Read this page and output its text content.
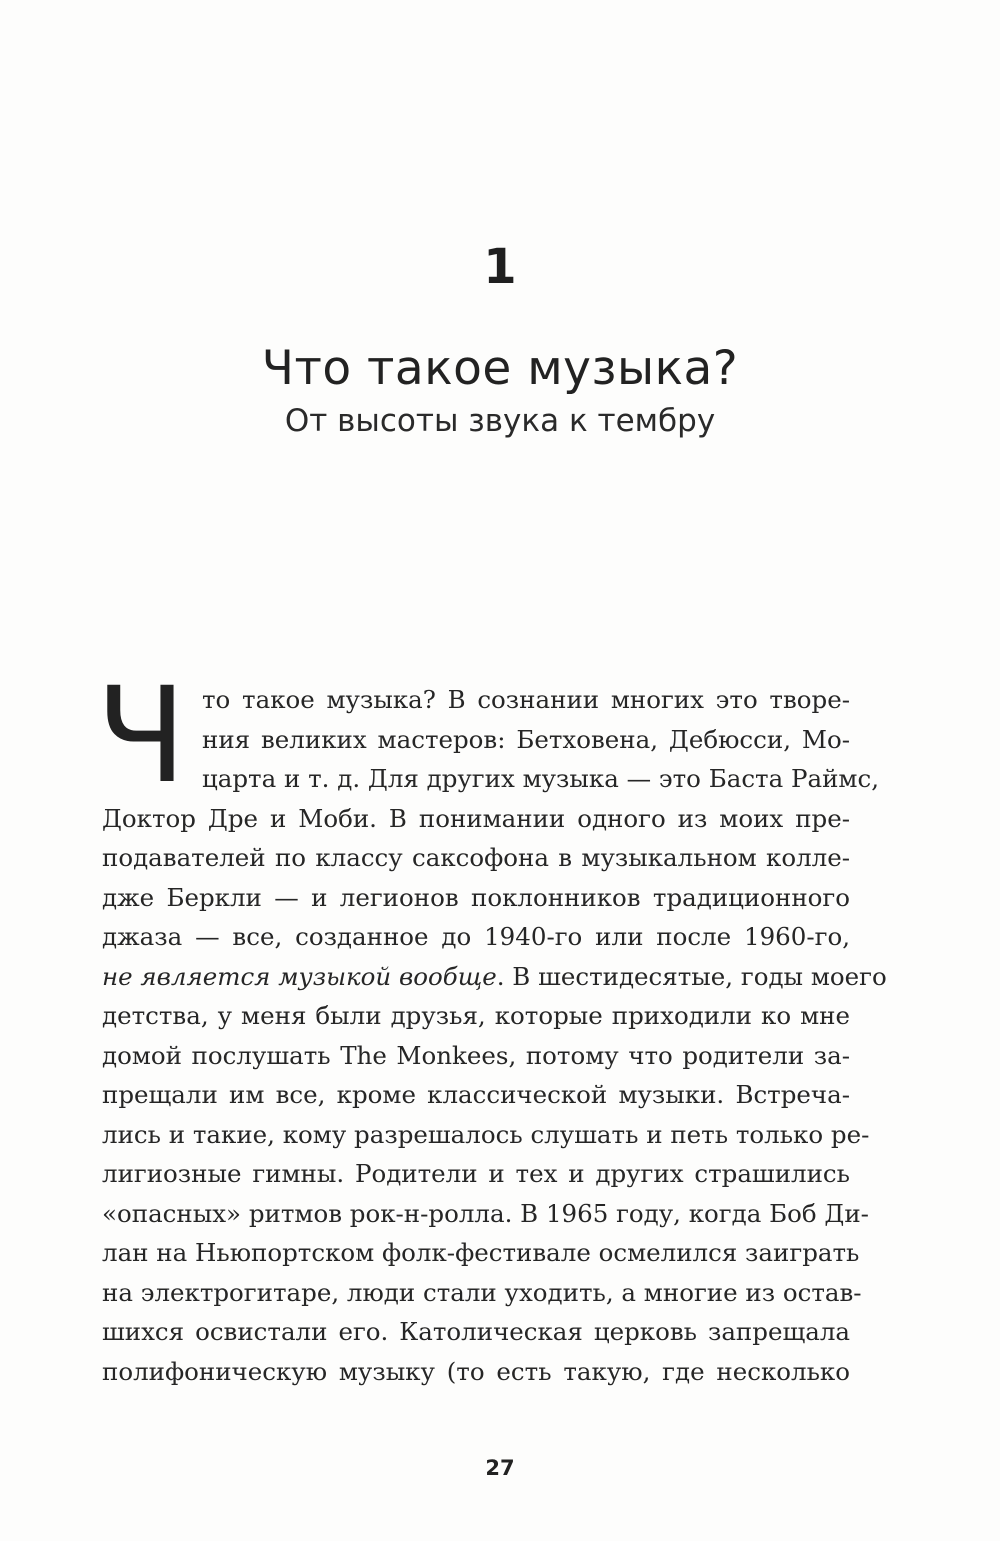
1
Что такое музыка?
От высоты звука к тембру
Ч то такое музыка? В сознании многих это творе-
ния великих мастеров: Бетховена, Дебюсси, Мо-
царта и т. д. Для других музыка — это Баста Раймс,
Доктор Дре и Моби. В понимании одного из моих пре-
подавателей по классу саксофона в музыкальном колле-
дже Беркли — и легионов поклонников традиционного
джаза — все, созданное до 1940-го или после 1960-го,
не является музыкой вообще. В шестидесятые, годы моего
детства, у меня были друзья, которые приходили ко мне
домой послушать The Monkees, потому что родители за-
прещали им все, кроме классической музыки. Встреча-
лись и такие, кому разрешалось слушать и петь только ре-
лигиозные гимны. Родители и тех и других страшились
«опасных» ритмов рок-н-ролла. В 1965 году, когда Боб Ди-
лан на Ньюпортском фолк-фестивале осмелился заиграть
на электрогитаре, люди стали уходить, а многие из остав-
шихся освистали его. Католическая церковь запрещала
полифоническую музыку (то есть такую, где несколько
27
